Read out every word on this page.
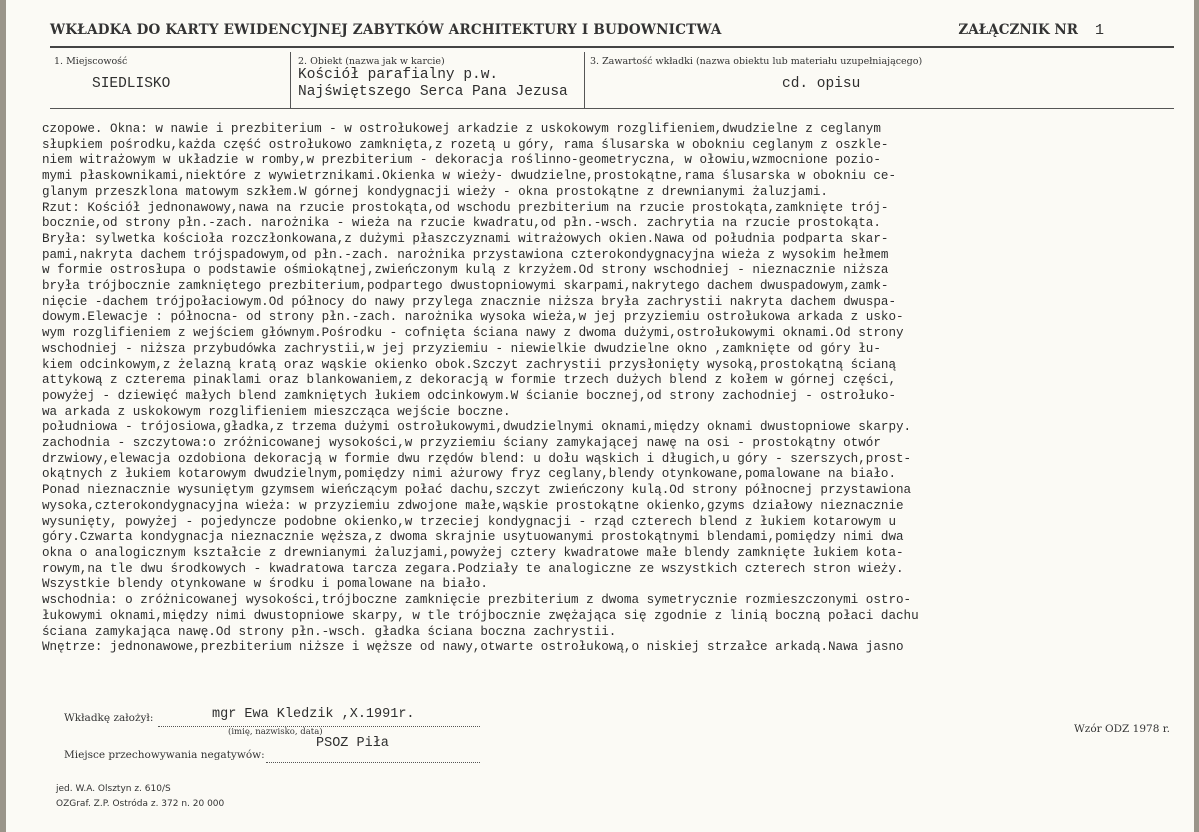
WKŁADKA DO KARTY EWIDENCYJNEJ ZABYTKÓW ARCHITEKTURY I BUDOWNICTWA	ZAŁĄCZNIK NR 1
1. Miejscowość
SIEDLISKO
2. Obiekt (nazwa jak w karcie)
Kościół parafialny p.w.
Najświętszego Serca Pana Jezusa
3. Zawartość wkładki (nazwa obiektu lub materiału uzupełniającego)
cd. opisu
czopowe. Okna: w nawie i prezbiterium - w ostrołukowej arkadzie z uskokowym rozglifieniem,dwudzielne z ceglanym
słupkiem pośrodku,każda część ostrołukowo zamknięta,z rozetą u góry, rama ślusarska w obokniu ceglanym z oszkle-
niem witrażowym w układzie w romby,w prezbiterium - dekoracja roślinno-geometryczna, w ołowiu,wzmocnione pozio-
mymi płaskownikami,niektóre z wywietrznikami.Okienka w wieży- dwudzielne,prostokątne,rama ślusarska w obokniu ce-
glanym przeszklona matowym szkłem.W górnej kondygnacji wieży - okna prostokątne z drewnianymi żaluzjami.
Rzut: Kościół jednonawowy,nawa na rzucie prostokąta,od wschodu prezbiterium na rzucie prostokąta,zamknięte trój-
bocznie,od strony płn.-zach. narożnika - wieża na rzucie kwadratu,od płn.-wsch. zachrytia na rzucie prostokąta.
Bryła: sylwetka kościoła rozczłonkowana,z dużymi płaszczyznami witrażowych okien.Nawa od południa podparta skar-
pami,nakryta dachem trójspadowym,od płn.-zach. narożnika przystawiona czterokondygnacyjna wieża z wysokim hełmem
w formie ostrosłupa o podstawie ośmiokątnej,zwieńczonym kulą z krzyżem.Od strony wschodniej - nieznacznie niższa
bryła trójbocznie zamkniętego prezbiterium,podpartego dwustopniowymi skarpami,nakrytego dachem dwuspadowym,zamk-
nięcie -dachem trójpołaciowym.Od północy do nawy przylega znacznie niższa bryła zachrystii nakryta dachem dwuspa-
dowym.Elewacje : północna- od strony płn.-zach. narożnika wysoka wieża,w jej przyziemiu ostrołukowa arkada z usko-
wym rozglifieniem z wejściem głównym.Pośrodku - cofnięta ściana nawy z dwoma dużymi,ostrołukowymi oknami.Od strony
wschodniej - niższa przybudówka zachrystii,w jej przyziemiu - niewielkie dwudzielne okno ,zamknięte od góry łu-
kiem odcinkowym,z żelazną kratą oraz wąskie okienko obok.Szczyt zachrystii przysłonięty wysoką,prostokątną ścianą
attykową z czterema pinaklami oraz blankowaniem,z dekoracją w formie trzech dużych blend z kołem w górnej części,
powyżej - dziewięć małych blend zamkniętych łukiem odcinkowym.W ścianie bocznej,od strony zachodniej - ostrołuko-
wa arkada z uskokowym rozglifieniem mieszcząca wejście boczne.
południowa - trójosiowa,gładka,z trzema dużymi ostrołukowymi,dwudzielnymi oknami,między oknami dwustopniowe skarpy.
zachodnia - szczytowa:o zróżnicowanej wysokości,w przyziemiu ściany zamykającej nawę na osi - prostokątny otwór
drzwiowy,elewacja ozdobiona dekoracją w formie dwu rzędów blend: u dołu wąskich i długich,u góry - szerszych,prost-
okątnych z łukiem kotarowym dwudzielnym,pomiędzy nimi ażurowy fryz ceglany,blendy otynkowane,pomalowane na biało.
Ponad nieznacznie wysuniętym gzymsem wieńczącym połać dachu,szczyt zwieńczony kulą.Od strony północnej przystawiona
wysoka,czterokondygnacyjna wieża: w przyziemiu zdwojone małe,wąskie prostokątne okienko,gzyms działowy nieznacznie
wysunięty, powyżej - pojedyncze podobne okienko,w trzeciej kondygnacji - rząd czterech blend z łukiem kotarowym u
góry.Czwarta kondygnacja nieznacznie węższa,z dwoma skrajnie usytuowanymi prostokątnymi blendami,pomiędzy nimi dwa
okna o analogicznym kształcie z drewnianymi żaluzjami,powyżej cztery kwadratowe małe blendy zamknięte łukiem kota-
rowym,na tle dwu środkowych - kwadratowa tarcza zegara.Podziały te analogiczne ze wszystkich czterech stron wieży.
Wszystkie blendy otynkowane w środku i pomalowane na biało.
wschodnia: o zróżnicowanej wysokości,trójboczne zamknięcie prezbiterium z dwoma symetrycznie rozmieszczonymi ostro-
łukowymi oknami,między nimi dwustopniowe skarpy, w tle trójbocznie zwężająca się zgodnie z linią boczną połaci dachu
ściana zamykająca nawę.Od strony płn.-wsch. gładka ściana boczna zachrystii.
Wnętrze: jednonawowe,prezbiterium niższe i węższe od nawy,otwarte ostrołukową,o niskiej strzałce arkadą.Nawa jasno
Wkładkę założył:	mgr Ewa Kledzik ,X.1991r.
(imię, nazwisko, data)	Wzór ODZ 1978 r.
Miejsce przechowywania negatywów:
PSOZ Piła
jed. W.A. Olsztyn z. 610/S
OZGraf. Z.P. Ostróda z. 372 n. 20 000
